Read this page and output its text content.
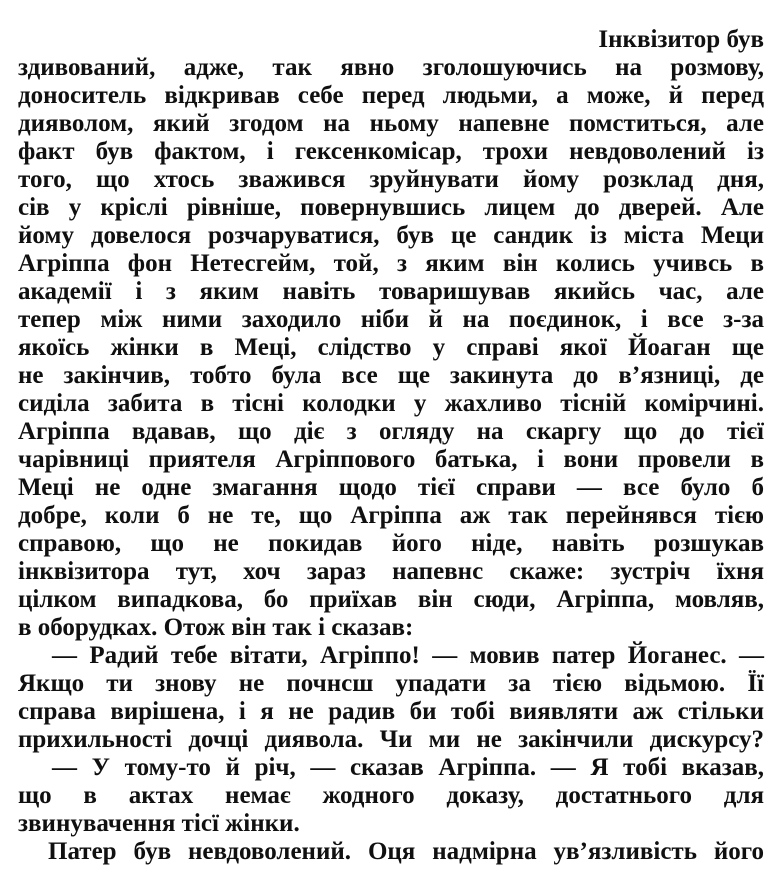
Інквізитор був
здивований, адже, так явно зголошуючись на розмову,
доноситель відкривав себе перед людьми, а може, й перед
дияволом, який згодом на ньому напевне помститься, але
факт був фактом, і гексенкомісар, трохи невдоволений із
того, що хтось зважився зруйнувати йому розклад дня,
сів у кріслі рівніше, повернувшись лицем до дверей. Але
йому довелося розчаруватися, був це сандик із міста Меци
Агріппа фон Нетесгейм, той, з яким він колись учивсь в
академії і з яким навіть товаришував якийсь час, але
тепер між ними заходило ніби й на поєдинок, і все з-за
якоїсь жінки в Меці, слідство у справі якої Йоаган ще
не закінчив, тобто була все ще закинута до в’язниці, де
сиділа забита в тісні колодки у жахливо тісній комірчині.
Агріппа вдавав, що діє з огляду на скаргу що до тієї
чарівниці приятеля Агріппового батька, і вони провели в
Меці не одне змагання щодо тієї справи — все було б
добре, коли б не те, що Агріппа аж так перейнявся тією
справою, що не покидав його ніде, навіть розшукав
інквізитора тут, хоч зараз напевнс скаже: зустріч їхня
цілком випадкова, бо приїхав він сюди, Агріппа, мовляв,
в оборудках. Отож він так і сказав:
— Радий тебе вітати, Агріппо! — мовив патер Йоганес. —
Якщо ти знову не почнсш упадати за тією відьмою. Її
справа вирішена, і я не радив би тобі виявляти аж стільки
прихильності дочці диявола. Чи ми не закінчили дискурсу?
— У тому-то й річ, — сказав Агріппа. — Я тобі вказав,
що в актах немає жодного доказу, достатнього для
звинувачення тісї жінки.
Патер був невдоволений. Оця надмірна ув’язливість його
